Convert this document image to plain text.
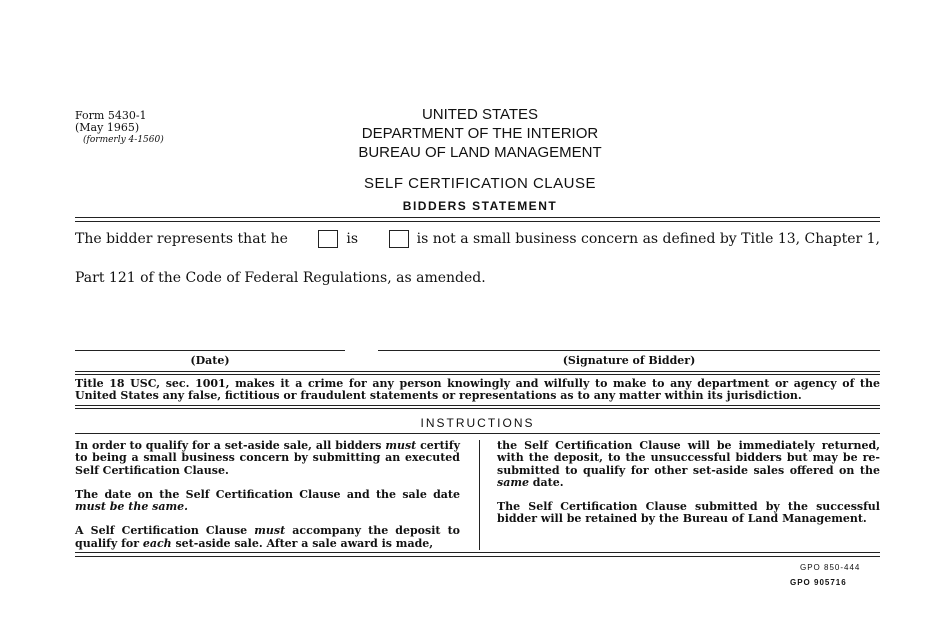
Form 5430-1
(May 1965)
(formerly 4-1560)
UNITED STATES
DEPARTMENT OF THE INTERIOR
BUREAU OF LAND MANAGEMENT
SELF CERTIFICATION CLAUSE
BIDDERS STATEMENT
The bidder represents that he	is	is not a small business concern as defined by Title 13, Chapter 1,
Part 121 of the Code of Federal Regulations, as amended.
(Date)	(Signature of Bidder)
Title 18 USC, sec. 1001, makes it a crime for any person knowingly and wilfully to make to any department or agency of the United States any false, fictitious or fraudulent statements or representations as to any matter within its jurisdiction.
INSTRUCTIONS

In order to qualify for a set-aside sale, all bidders must certify to being a small business concern by submitting an executed Self Certification Clause.

The date on the Self Certification Clause and the sale date must be the same.

A Self Certification Clause must accompany the deposit to qualify for each set-aside sale. After a sale award is made,

the Self Certification Clause will be immediately returned, with the deposit, to the unsuccessful bidders but may be re-submitted to qualify for other set-aside sales offered on the same date.

The Self Certification Clause submitted by the successful bidder will be retained by the Bureau of Land Management.

GPO 850-444
GPO 905716
